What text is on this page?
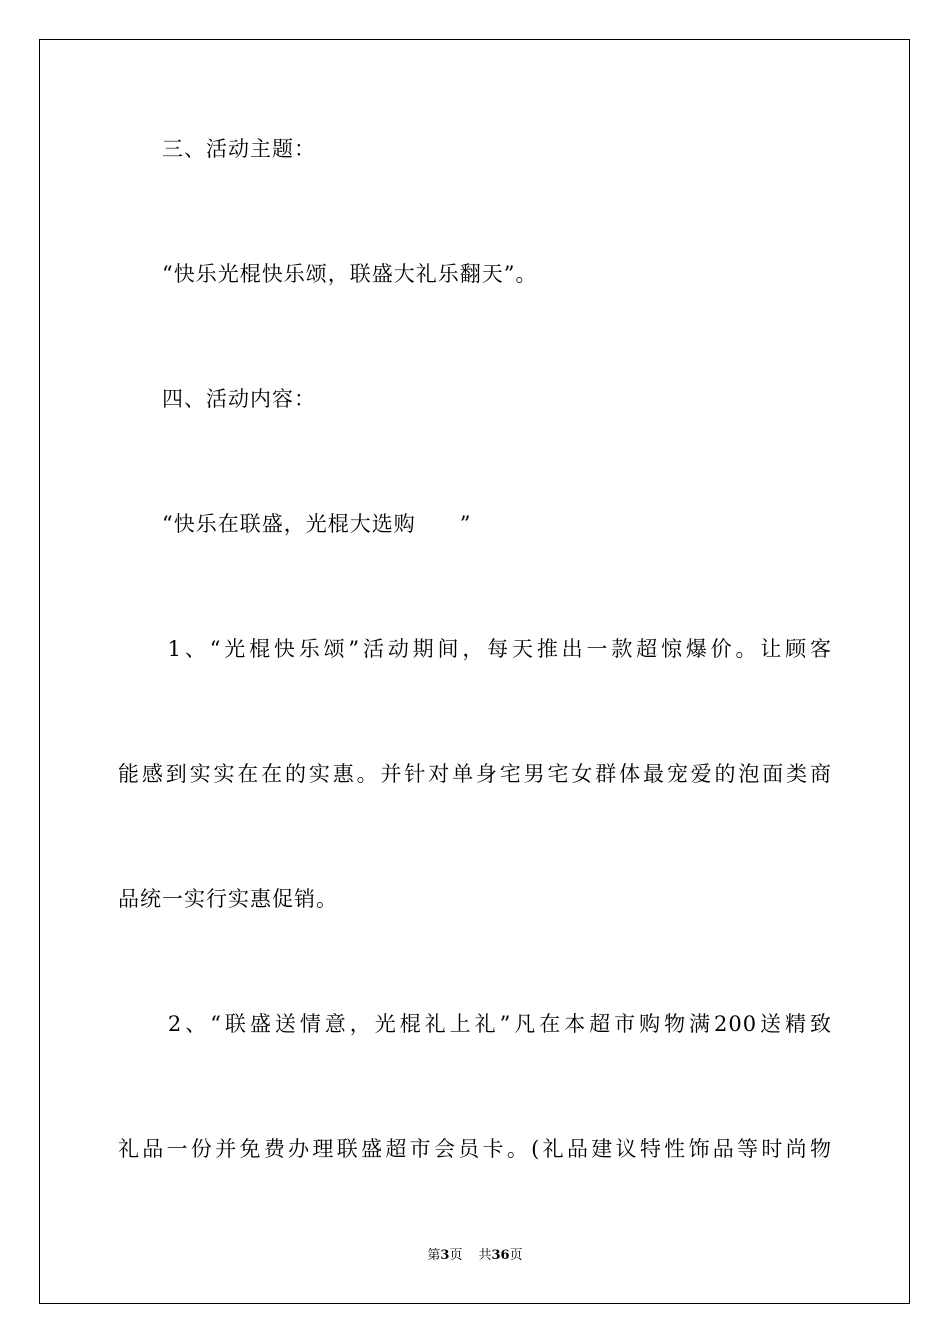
　　三、活动主题：
　　“快乐光棍快乐颂，联盛大礼乐翻天”。
　　四、活动内容：
　　“快乐在联盛，光棍大选购　　”
　　1、“光棍快乐颂”活动期间，每天推出一款超惊爆价。让顾客
能感到实实在在的实惠。并针对单身宅男宅女群体最宠爱的泡面类商
品统一实行实惠促销。
　　2、“联盛送情意，光棍礼上礼”凡在本超市购物满200送精致
礼品一份并免费办理联盛超市会员卡。(礼品建议特性饰品等时尚物
第3页 共36页
